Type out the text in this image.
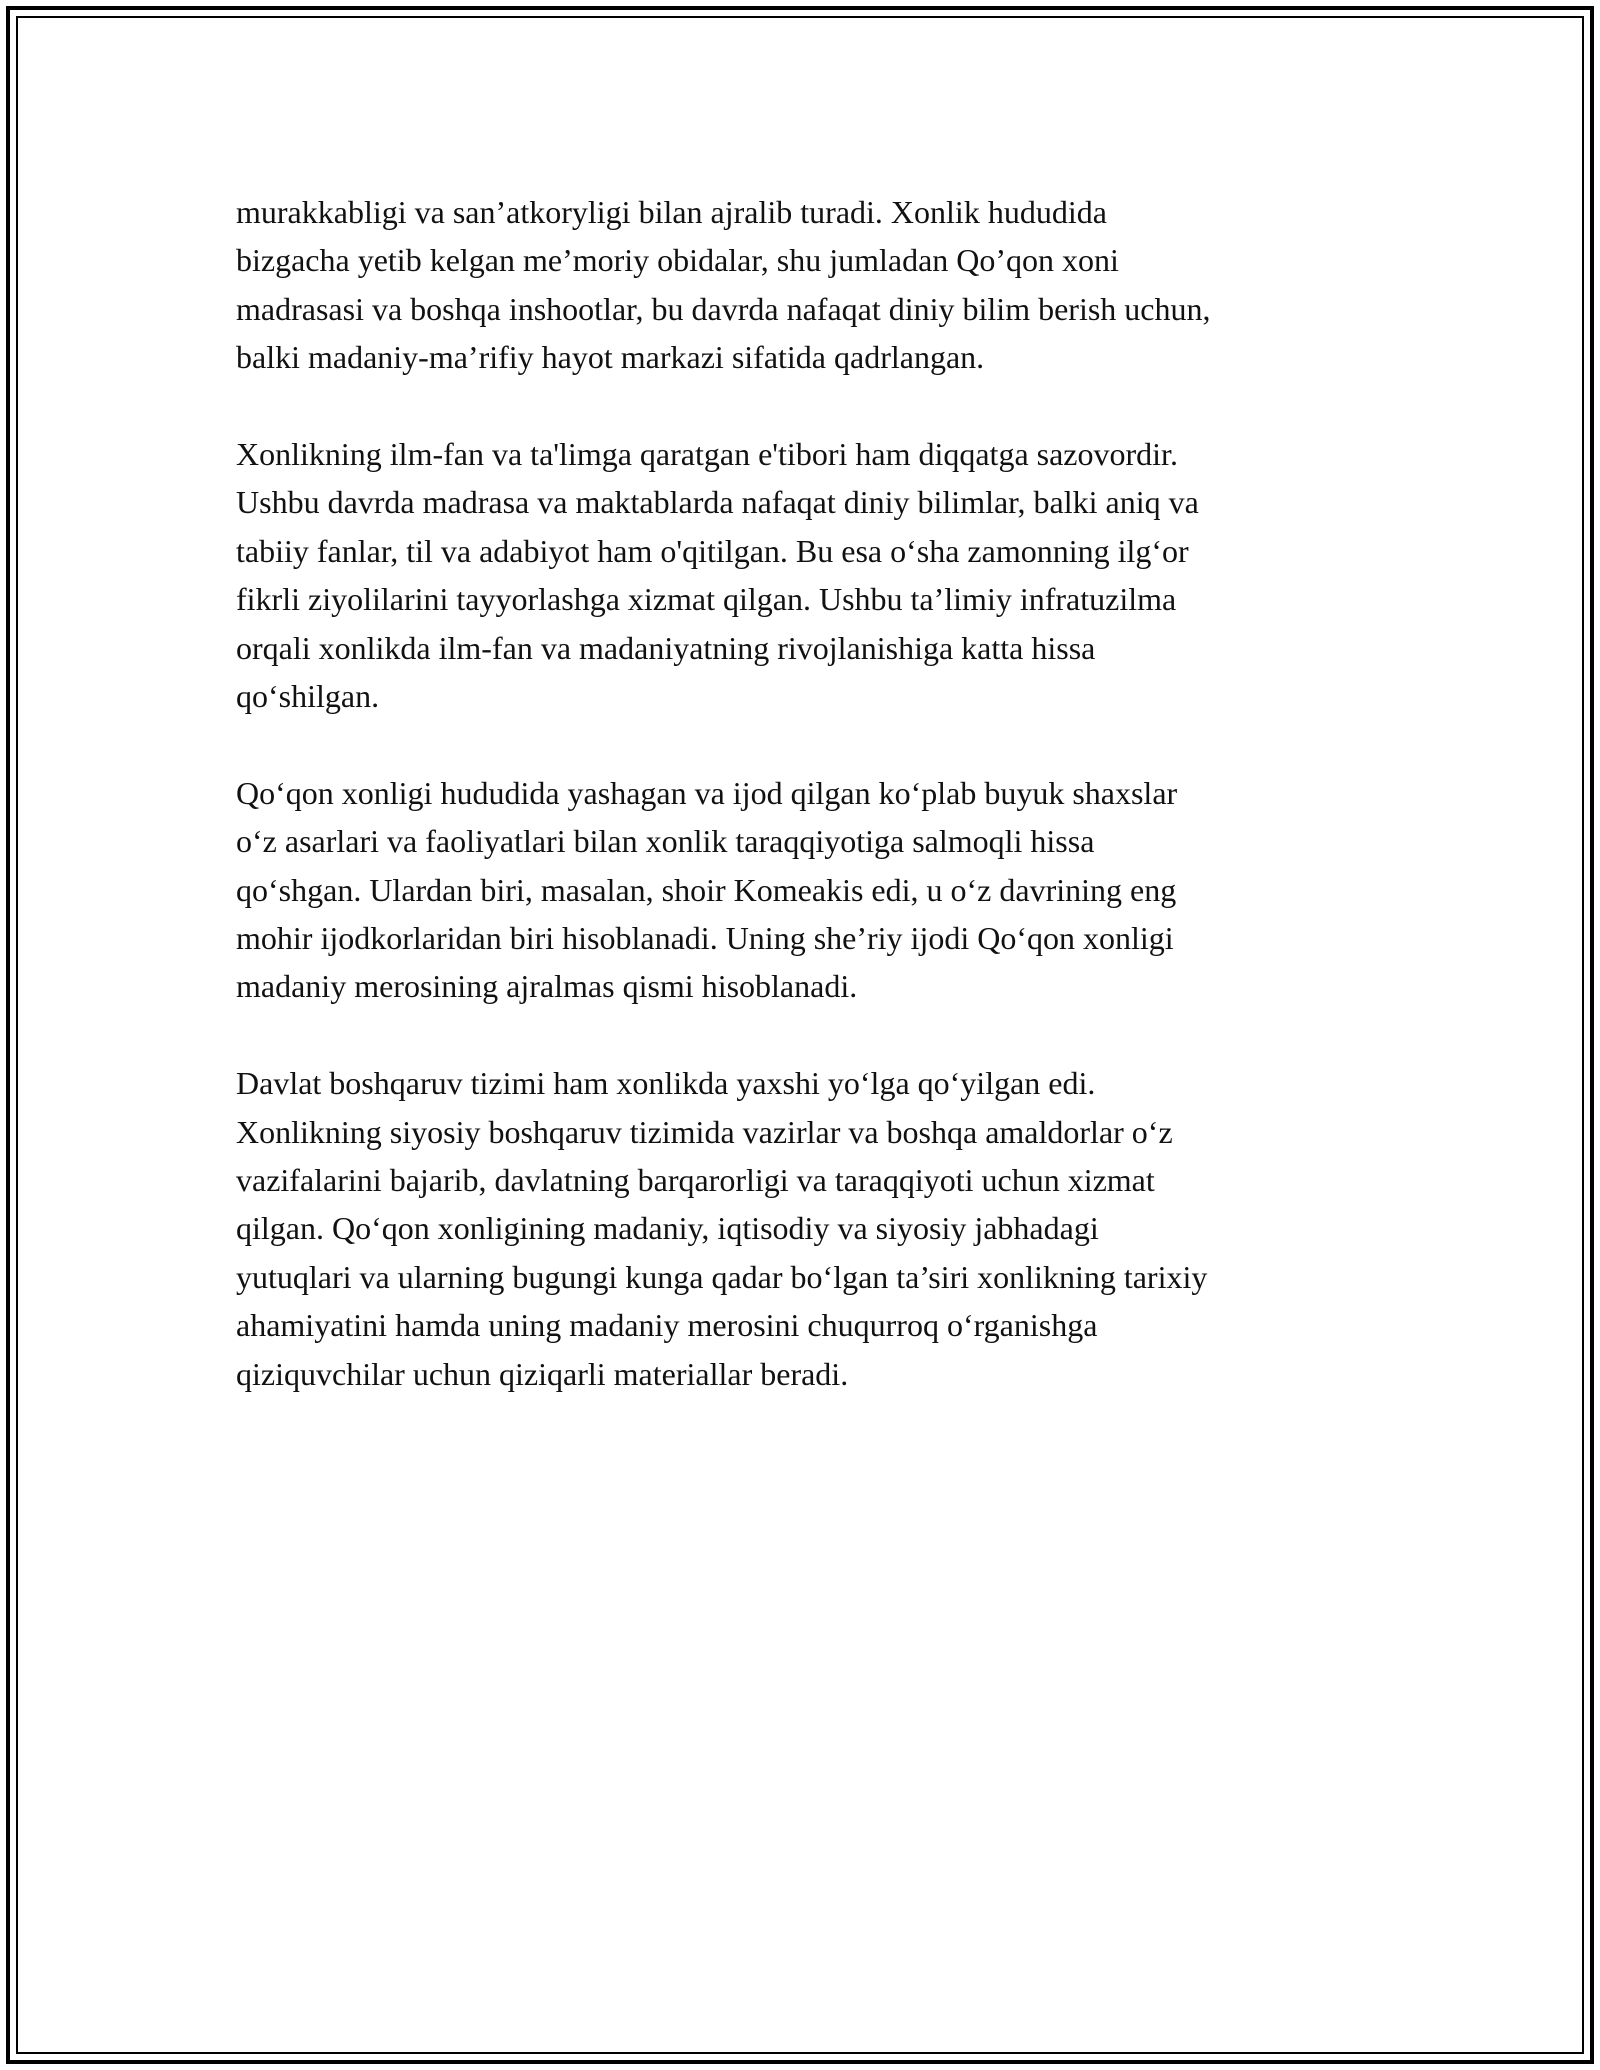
murakkabligi va san’atkoryligi bilan ajralib turadi. Xonlik hududida
bizgacha yetib kelgan me’moriy obidalar, shu jumladan Qo’qon xoni
madrasasi va boshqa inshootlar, bu davrda nafaqat diniy bilim berish uchun,
balki madaniy-ma’rifiy hayot markazi sifatida qadrlangan.

Xonlikning ilm-fan va ta'limga qaratgan e'tibori ham diqqatga sazovordir.
Ushbu davrda madrasa va maktablarda nafaqat diniy bilimlar, balki aniq va
tabiiy fanlar, til va adabiyot ham o'qitilgan. Bu esa o‘sha zamonning ilg‘or
fikrli ziyolilarini tayyorlashga xizmat qilgan. Ushbu ta’limiy infratuzilma
orqali xonlikda ilm-fan va madaniyatning rivojlanishiga katta hissa
qo‘shilgan.

Qo‘qon xonligi hududida yashagan va ijod qilgan ko‘plab buyuk shaxslar
o‘z asarlari va faoliyatlari bilan xonlik taraqqiyotiga salmoqli hissa
qo‘shgan. Ulardan biri, masalan, shoir Komeakis edi, u o‘z davrining eng
mohir ijodkorlaridan biri hisoblanadi. Uning she’riy ijodi Qo‘qon xonligi
madaniy merosining ajralmas qismi hisoblanadi.

Davlat boshqaruv tizimi ham xonlikda yaxshi yo‘lga qo‘yilgan edi.
Xonlikning siyosiy boshqaruv tizimida vazirlar va boshqa amaldorlar o‘z
vazifalarini bajarib, davlatning barqarorligi va taraqqiyoti uchun xizmat
qilgan. Qo‘qon xonligining madaniy, iqtisodiy va siyosiy jabhadagi
yutuqlari va ularning bugungi kunga qadar bo‘lgan ta’siri xonlikning tarixiy
ahamiyatini hamda uning madaniy merosini chuqurroq o‘rganishga
qiziquvchilar uchun qiziqarli materiallar beradi.
